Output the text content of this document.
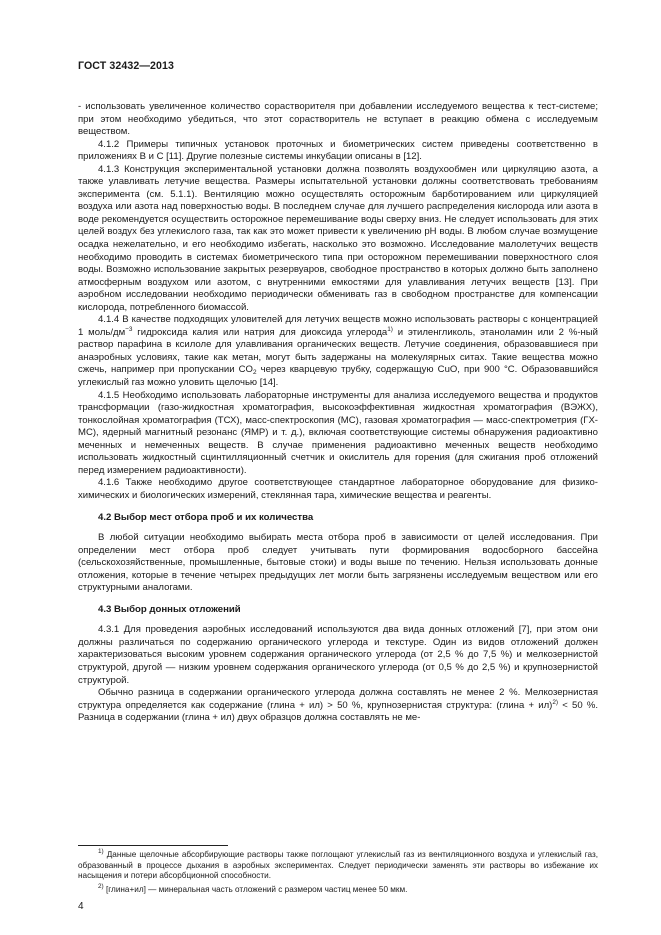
ГОСТ 32432—2013

- использовать увеличенное количество сорастворителя при добавлении исследуемого вещества к тест-системе; при этом необходимо убедиться, что этот сорастворитель не вступает в реакцию обмена с исследуемым веществом.

4.1.2 Примеры типичных установок проточных и биометрических систем приведены соответственно в приложениях В и С [11]. Другие полезные системы инкубации описаны в [12].

4.1.3 Конструкция экспериментальной установки должна позволять воздухообмен или циркуляцию азота, а также улавливать летучие вещества. Размеры испытательной установки должны соответствовать требованиям эксперимента (см. 5.1.1). Вентиляцию можно осуществлять осторожным барботированием или циркуляцией воздуха или азота над поверхностью воды. В последнем случае для лучшего распределения кислорода или азота в воде рекомендуется осуществить осторожное перемешивание воды сверху вниз. Не следует использовать для этих целей воздух без углекислого газа, так как это может привести к увеличению pH воды. В любом случае возмущение осадка нежелательно, и его необходимо избегать, насколько это возможно. Исследование малолетучих веществ необходимо проводить в системах биометрического типа при осторожном перемешивании поверхностного слоя воды. Возможно использование закрытых резервуаров, свободное пространство в которых должно быть заполнено атмосферным воздухом или азотом, с внутренними емкостями для улавливания летучих веществ [13]. При аэробном исследовании необходимо периодически обменивать газ в свободном пространстве для компенсации кислорода, потребленного биомассой.

4.1.4 В качестве подходящих уловителей для летучих веществ можно использовать растворы с концентрацией 1 моль/$дм^{-3}$ гидроксида калия или натрия для диоксида углерода$^{1)}$ и этиленгликоль, этаноламин или 2 %-ный раствор парафина в ксилоле для улавливания органических веществ. Летучие соединения, образовавшиеся при анаэробных условиях, такие как метан, могут быть задержаны на молекулярных ситах. Такие вещества можно сжечь, например при пропускании $CO_2$ через кварцевую трубку, содержащую CuO, при 900 °C. Образовавшийся углекислый газ можно уловить щелочью [14].

4.1.5 Необходимо использовать лабораторные инструменты для анализа исследуемого вещества и продуктов трансформации (газо-жидкостная хроматография, высокоэффективная жидкостная хроматография (ВЭЖХ), тонкослойная хроматография (ТСХ), масс-спектроскопия (МС), газовая хроматография — масс-спектрометрия (ГХ-МС), ядерный магнитный резонанс (ЯМР) и т. д.), включая соответствующие системы обнаружения радиоактивно меченных и немеченных веществ. В случае применения радиоактивно меченных веществ необходимо использовать жидкостный сцинтилляционный счетчик и окислитель для горения (для сжигания проб отложений перед измерением радиоактивности).

4.1.6 Также необходимо другое соответствующее стандартное лабораторное оборудование для физико-химических и биологических измерений, стеклянная тара, химические вещества и реагенты.

4.2 Выбор мест отбора проб и их количества

В любой ситуации необходимо выбирать места отбора проб в зависимости от целей исследования. При определении мест отбора проб следует учитывать пути формирования водосборного бассейна (сельскохозяйственные, промышленные, бытовые стоки) и воды выше по течению. Нельзя использовать донные отложения, которые в течение четырех предыдущих лет могли быть загрязнены исследуемым веществом или его структурными аналогами.

4.3 Выбор донных отложений

4.3.1 Для проведения аэробных исследований используются два вида донных отложений [7], при этом они должны различаться по содержанию органического углерода и текстуре. Один из видов отложений должен характеризоваться высоким уровнем содержания органического углерода (от 2,5 % до 7,5 %) и мелкозернистой структурой, другой — низким уровнем содержания органического углерода (от 0,5 % до 2,5 %) и крупнозернистой структурой.

Обычно разница в содержании органического углерода должна составлять не менее 2 %. Мелкозернистая структура определяется как содержание (глина + ил) > 50 %, крупнозернистая структура: (глина + ил)$^{2)}$ < 50 %. Разница в содержании (глина + ил) двух образцов должна составлять не ме-

$^{1)}$ Данные щелочные абсорбирующие растворы также поглощают углекислый газ из вентиляционного воздуха и углекислый газ, образованный в процессе дыхания в аэробных экспериментах. Следует периодически заменять эти растворы во избежание их насыщения и потери абсорбционной способности.

$^{2)}$ [глина+ил] — минеральная часть отложений с размером частиц менее 50 мкм.

4
